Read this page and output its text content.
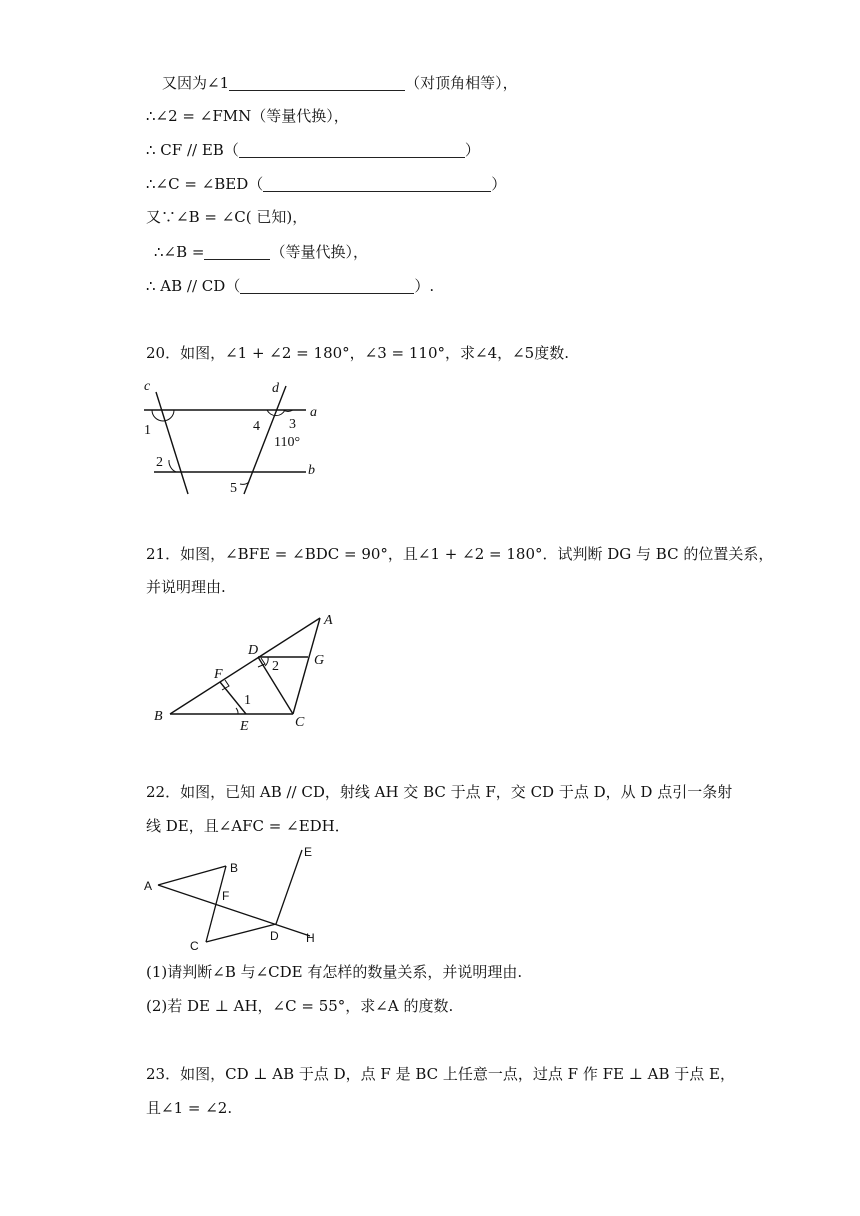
又因为∠1	（对顶角相等），
∴∠2 = ∠FMN（等量代换），
∴ CF // EB（	）
∴∠C = ∠BED（	）
又∵∠B = ∠C( 已知)，
∴∠B =	（等量代换），
∴ AB // CD（	）.
20．如图，∠1 + ∠2 = 180°，∠3 = 110°，求∠4，∠5度数.
c	d
a
b
1
2
4 3
110°
5
21．如图，∠BFE = ∠BDC = 90°，且∠1 + ∠2 = 180°．试判断 DG 与 BC 的位置关系，
并说明理由.
A
B	C
D
E
F
G
1
2
22．如图，已知 AB // CD，射线 AH 交 BC 于点 F，交 CD 于点 D，从 D 点引一条射
线 DE，且∠AFC = ∠EDH．
A
B
C
D
E
F
H
(1)请判断∠B 与∠CDE 有怎样的数量关系，并说明理由.
(2)若 DE ⊥ AH，∠C = 55°，求∠A 的度数.
23．如图，CD ⊥ AB 于点 D，点 F 是 BC 上任意一点，过点 F 作 FE ⊥ AB 于点 E，
且∠1 = ∠2.
